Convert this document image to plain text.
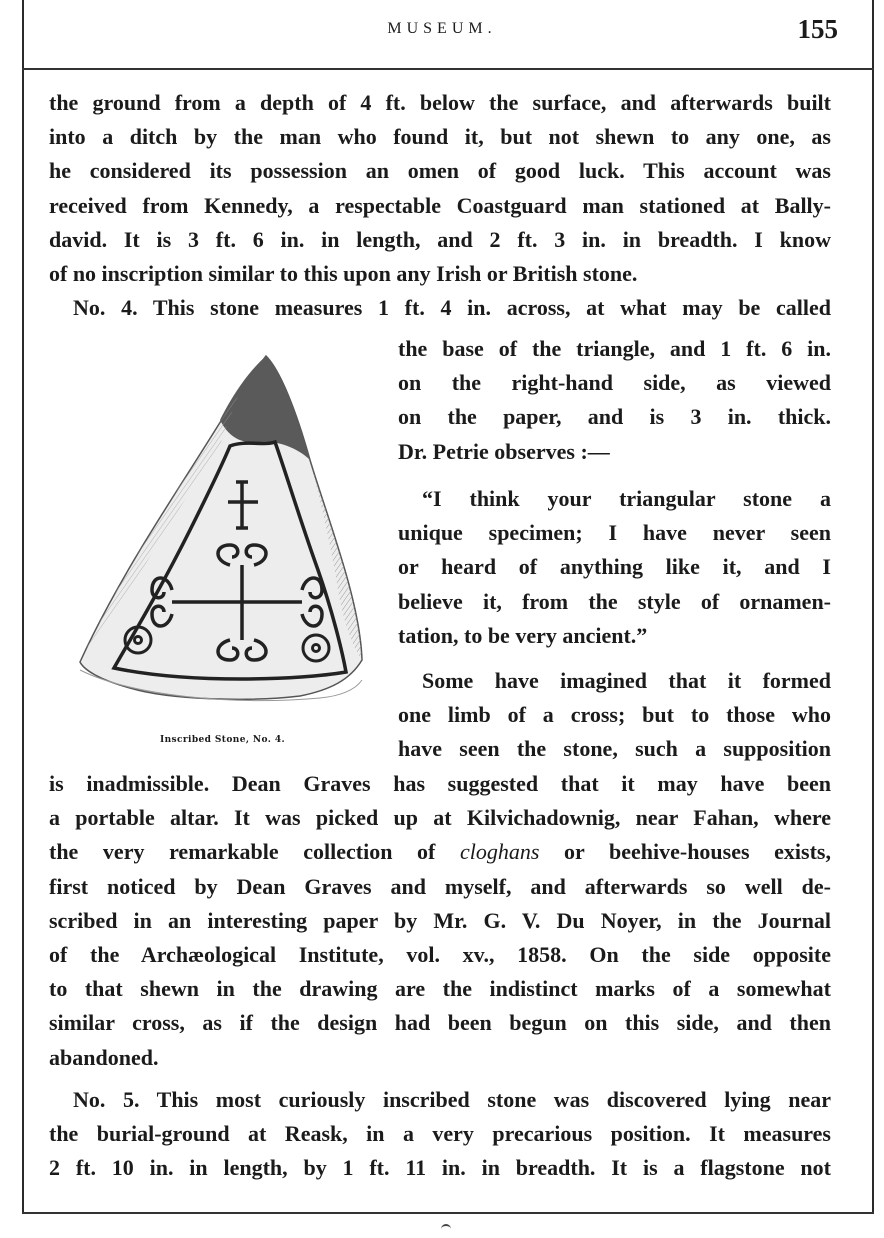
MUSEUM.	155
the ground from a depth of 4 ft. below the surface, and afterwards built
into a ditch by the man who found it, but not shewn to any one, as
he considered its possession an omen of good luck. This account was
received from Kennedy, a respectable Coastguard man stationed at Bally-
david. It is 3 ft. 6 in. in length, and 2 ft. 3 in. in breadth. I know
of no inscription similar to this upon any Irish or British stone.
No. 4. This stone measures 1 ft. 4 in. across, at what may be called
the base of the triangle, and 1 ft. 6 in.
on the right-hand side, as viewed
on the paper, and is 3 in. thick.
Dr. Petrie observes :—
“I think your triangular stone a
unique specimen; I have never seen
or heard of anything like it, and I
believe it, from the style of ornamen-
tation, to be very ancient.”
Some have imagined that it formed
one limb of a cross; but to those who
have seen the stone, such a supposition
Inscribed Stone, No. 4.
is inadmissible. Dean Graves has suggested that it may have been
a portable altar. It was picked up at Kilvichadownig, near Fahan, where
the very remarkable collection of cloghans or beehive-houses exists,
first noticed by Dean Graves and myself, and afterwards so well de-
scribed in an interesting paper by Mr. G. V. Du Noyer, in the Journal
of the Archæological Institute, vol. xv., 1858. On the side opposite
to that shewn in the drawing are the indistinct marks of a somewhat
similar cross, as if the design had been begun on this side, and then
abandoned.
No. 5. This most curiously inscribed stone was discovered lying near
the burial-ground at Reask, in a very precarious position. It measures
2 ft. 10 in. in length, by 1 ft. 11 in. in breadth. It is a flagstone not
